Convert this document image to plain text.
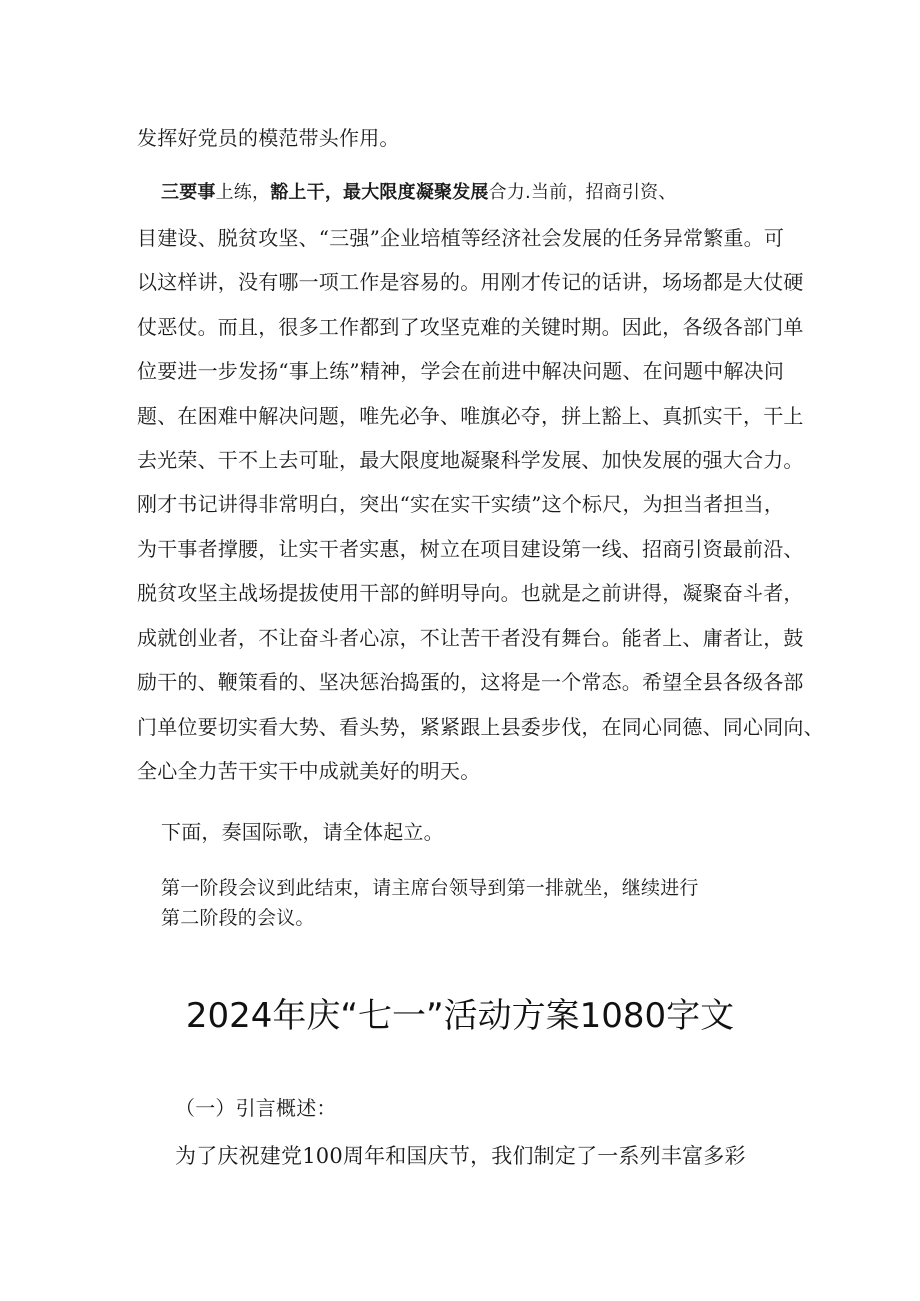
发挥好党员的模范带头作用。
三要事上练，豁上干，最大限度凝聚发展合力.当前，招商引资、
目建设、脱贫攻坚、“三强”企业培植等经济社会发展的任务异常繁重。可
以这样讲，没有哪一项工作是容易的。用刚才传记的话讲，场场都是大仗硬
仗恶仗。而且，很多工作都到了攻坚克难的关键时期。因此，各级各部门单
位要进一步发扬“事上练”精神，学会在前进中解决问题、在问题中解决问
题、在困难中解决问题，唯先必争、唯旗必夺，拼上豁上、真抓实干，干上
去光荣、干不上去可耻，最大限度地凝聚科学发展、加快发展的强大合力。
刚才书记讲得非常明白，突出“实在实干实绩”这个标尺，为担当者担当，
为干事者撑腰，让实干者实惠，树立在项目建设第一线、招商引资最前沿、
脱贫攻坚主战场提拔使用干部的鲜明导向。也就是之前讲得，凝聚奋斗者，
成就创业者，不让奋斗者心凉，不让苦干者没有舞台。能者上、庸者让，鼓
励干的、鞭策看的、坚决惩治捣蛋的，这将是一个常态。希望全县各级各部
门单位要切实看大势、看头势，紧紧跟上县委步伐，在同心同德、同心同向、
全心全力苦干实干中成就美好的明天。
下面，奏国际歌，请全体起立。
第一阶段会议到此结束，请主席台领导到第一排就坐，继续进行
第二阶段的会议。
2024年庆“七一”活动方案1080字文
（一）引言概述：
为了庆祝建党100周年和国庆节，我们制定了一系列丰富多彩
